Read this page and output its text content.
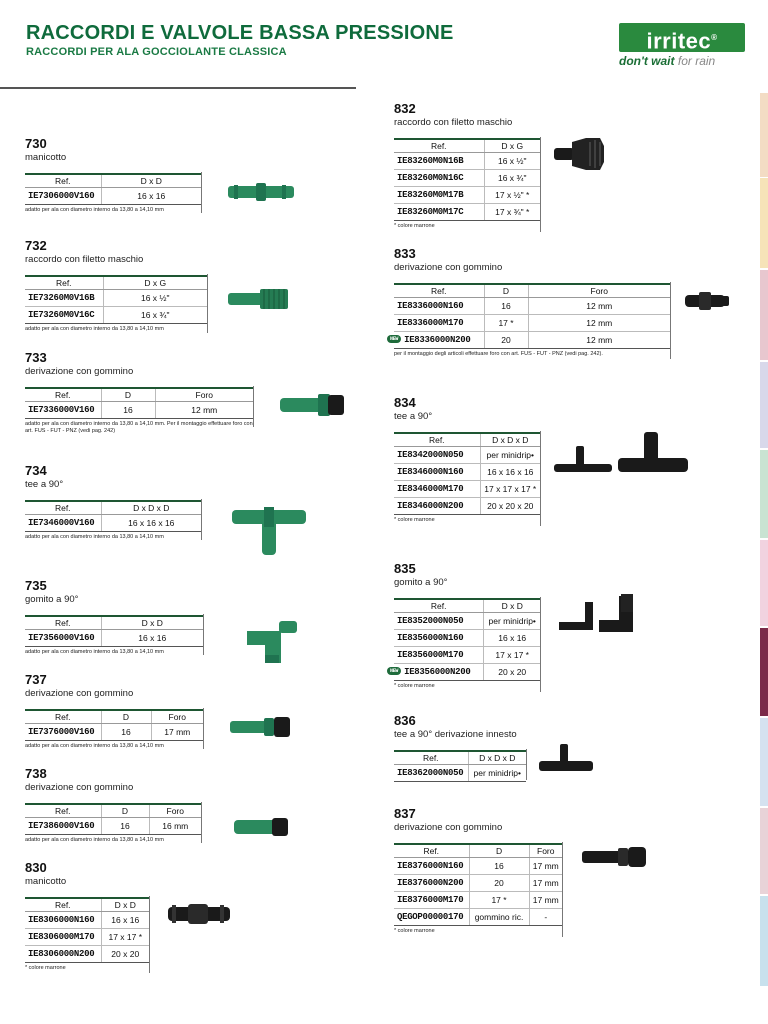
RACCORDI E VALVOLE BASSA PRESSIONE
RACCORDI PER ALA GOCCIOLANTE CLASSICA	irritec®
don't wait for rain
730
manicotto
Ref.	D x D
IE7306000V160	16 x 16
adatto per ala con diametro interno da 13,80 a 14,10 mm
732
raccordo con filetto maschio
Ref.	D x G
IE73260M0V16B	16 x ½"
IE73260M0V16C	16 x ¾"
adatto per ala con diametro interno da 13,80 a 14,10 mm
733
derivazione con gommino
Ref.	D	Foro
IE7336000V160	16	12 mm
adatto per ala con diametro interno da 13,80 a 14,10 mm. Per il montaggio effettuare foro con art. FUS - FUT - PNZ (vedi pag. 242)
734
tee a 90°
Ref.	D x D x D
IE7346000V160	16 x 16 x 16
adatto per ala con diametro interno da 13,80 a 14,10 mm
735
gomito a 90°
Ref.	D x D
IE7356000V160	16 x 16
adatto per ala con diametro interno da 13,80 a 14,10 mm
737
derivazione con gommino
Ref.	D	Foro
IE7376000V160	16	17 mm
adatto per ala con diametro interno da 13,80 a 14,10 mm
738
derivazione con gommino
Ref.	D	Foro
IE7386000V160	16	16 mm
adatto per ala con diametro interno da 13,80 a 14,10 mm
830
manicotto
Ref.	D x D
IE8306000N160	16 x 16
IE8306000M170	17 x 17 *
IE8306000N200	20 x 20
* colore marrone
832
raccordo con filetto maschio
Ref.	D x G
IE83260M0N16B	16 x ½"
IE83260M0N16C	16 x ¾"
IE83260M0M17B	17 x ½" *
IE83260M0M17C	17 x ¾" *
* colore marrone
833
derivazione con gommino
Ref.	D	Foro
IE8336000N160	16	12 mm
IE8336000M170	17 *	12 mm
NEW IE8336000N200	20	12 mm
per il montaggio degli articoli effettuare foro con art. FUS - FUT - PNZ (vedi pag. 242).
834
tee a 90°
Ref.	D x D x D
IE8342000N050	per minidrip•
IE8346000N160	16 x 16 x 16
IE8346000M170	17 x 17 x 17 *
IE8346000N200	20 x 20 x 20
* colore marrone
835
gomito a 90°
Ref.	D x D
IE8352000N050	per minidrip•
IE8356000N160	16 x 16
IE8356000M170	17 x 17 *
NEW IE8356000N200	20 x 20
* colore marrone
836
tee a 90° derivazione innesto
Ref.	D x D x D
IE8362000N050	per minidrip•
837
derivazione con gommino
Ref.	D	Foro
IE8376000N160	16	17 mm
IE8376000N200	20	17 mm
IE8376000M170	17 *	17 mm
QEGOP00000170	gommino ric.	-
* colore marrone
